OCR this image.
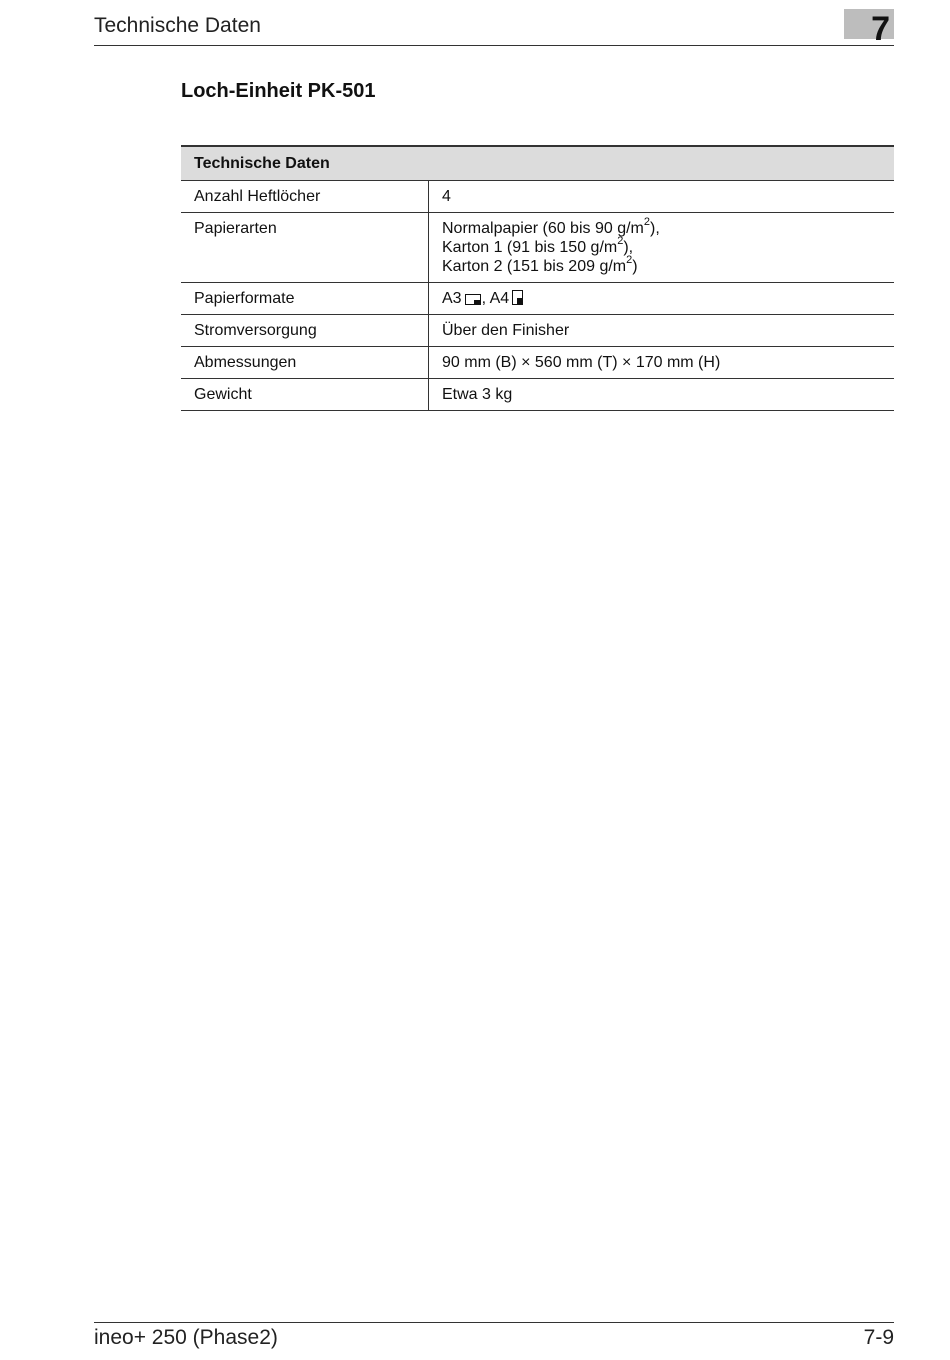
Technische Daten	7
Loch-Einheit PK-501
Technische Daten	
Anzahl Heftlöcher	4
Papierarten	Normalpapier (60 bis 90 $g/m^2$),
Karton 1 (91 bis 150 $g/m^2$),
Karton 2 (151 bis 209 $g/m^2$)

Papierformate	A3 , A4

Stromversorgung	Über den Finisher
Abmessungen	90 mm (B) × 560 mm (T) × 170 mm (H)
Gewicht	Etwa 3 kg
ineo+ 250 (Phase2)	7-9
